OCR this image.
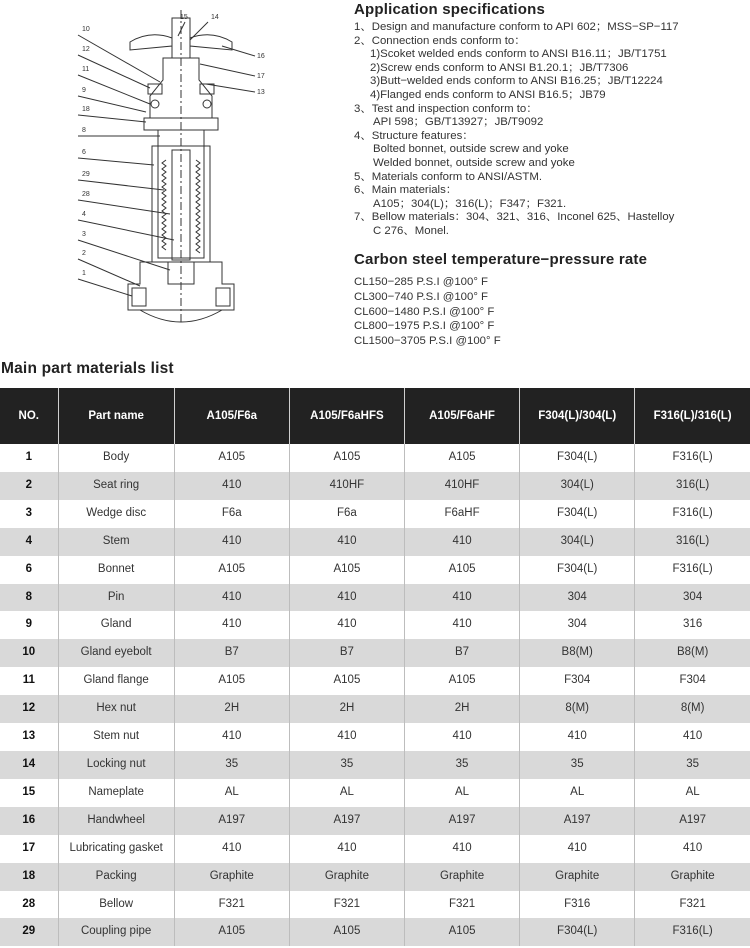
10
12
11
9
18
8
6
29
28
4
3
2
1
15	14
16
17
13
Application specifications
1、Design and manufacture conform to API 602；MSS−SP−117
2、Connection ends conform to：
1)Scoket welded ends conform to ANSI B16.11；JB/T1751
2)Screw ends conform to ANSI B1.20.1；JB/T7306
3)Butt−welded ends conform to ANSI B16.25；JB/T12224
4)Flanged ends conform to ANSI B16.5；JB79
3、Test and inspection conform to：
API 598；GB/T13927；JB/T9092
4、Structure features：
Bolted bonnet, outside screw and yoke
Welded bonnet, outside screw and yoke
5、Materials conform to ANSI/ASTM.
6、Main materials：
A105；304(L)；316(L)；F347；F321.
7、Bellow materials：304、321、316、Inconel 625、Hastelloy
C 276、Monel.
Carbon steel temperature−pressure rate
CL150−285 P.S.I @100° F
CL300−740 P.S.I @100° F
CL600−1480 P.S.I @100° F
CL800−1975 P.S.I @100° F
CL1500−3705 P.S.I @100° F
Main part materials list
NO.	Part name	A105/F6a	A105/F6aHFS	A105/F6aHF	F304(L)/304(L)	F316(L)/316(L)
1	Body	A105	A105	A105	F304(L)	F316(L)
2	Seat ring	410	410HF	410HF	304(L)	316(L)
3	Wedge disc	F6a	F6a	F6aHF	F304(L)	F316(L)
4	Stem	410	410	410	304(L)	316(L)
6	Bonnet	A105	A105	A105	F304(L)	F316(L)
8	Pin	410	410	410	304	304
9	Gland	410	410	410	304	316
10	Gland eyebolt	B7	B7	B7	B8(M)	B8(M)
11	Gland flange	A105	A105	A105	F304	F304
12	Hex nut	2H	2H	2H	8(M)	8(M)
13	Stem nut	410	410	410	410	410
14	Locking nut	35	35	35	35	35
15	Nameplate	AL	AL	AL	AL	AL
16	Handwheel	A197	A197	A197	A197	A197
17	Lubricating gasket	410	410	410	410	410
18	Packing	Graphite	Graphite	Graphite	Graphite	Graphite
28	Bellow	F321	F321	F321	F316	F321
29	Coupling pipe	A105	A105	A105	F304(L)	F316(L)
